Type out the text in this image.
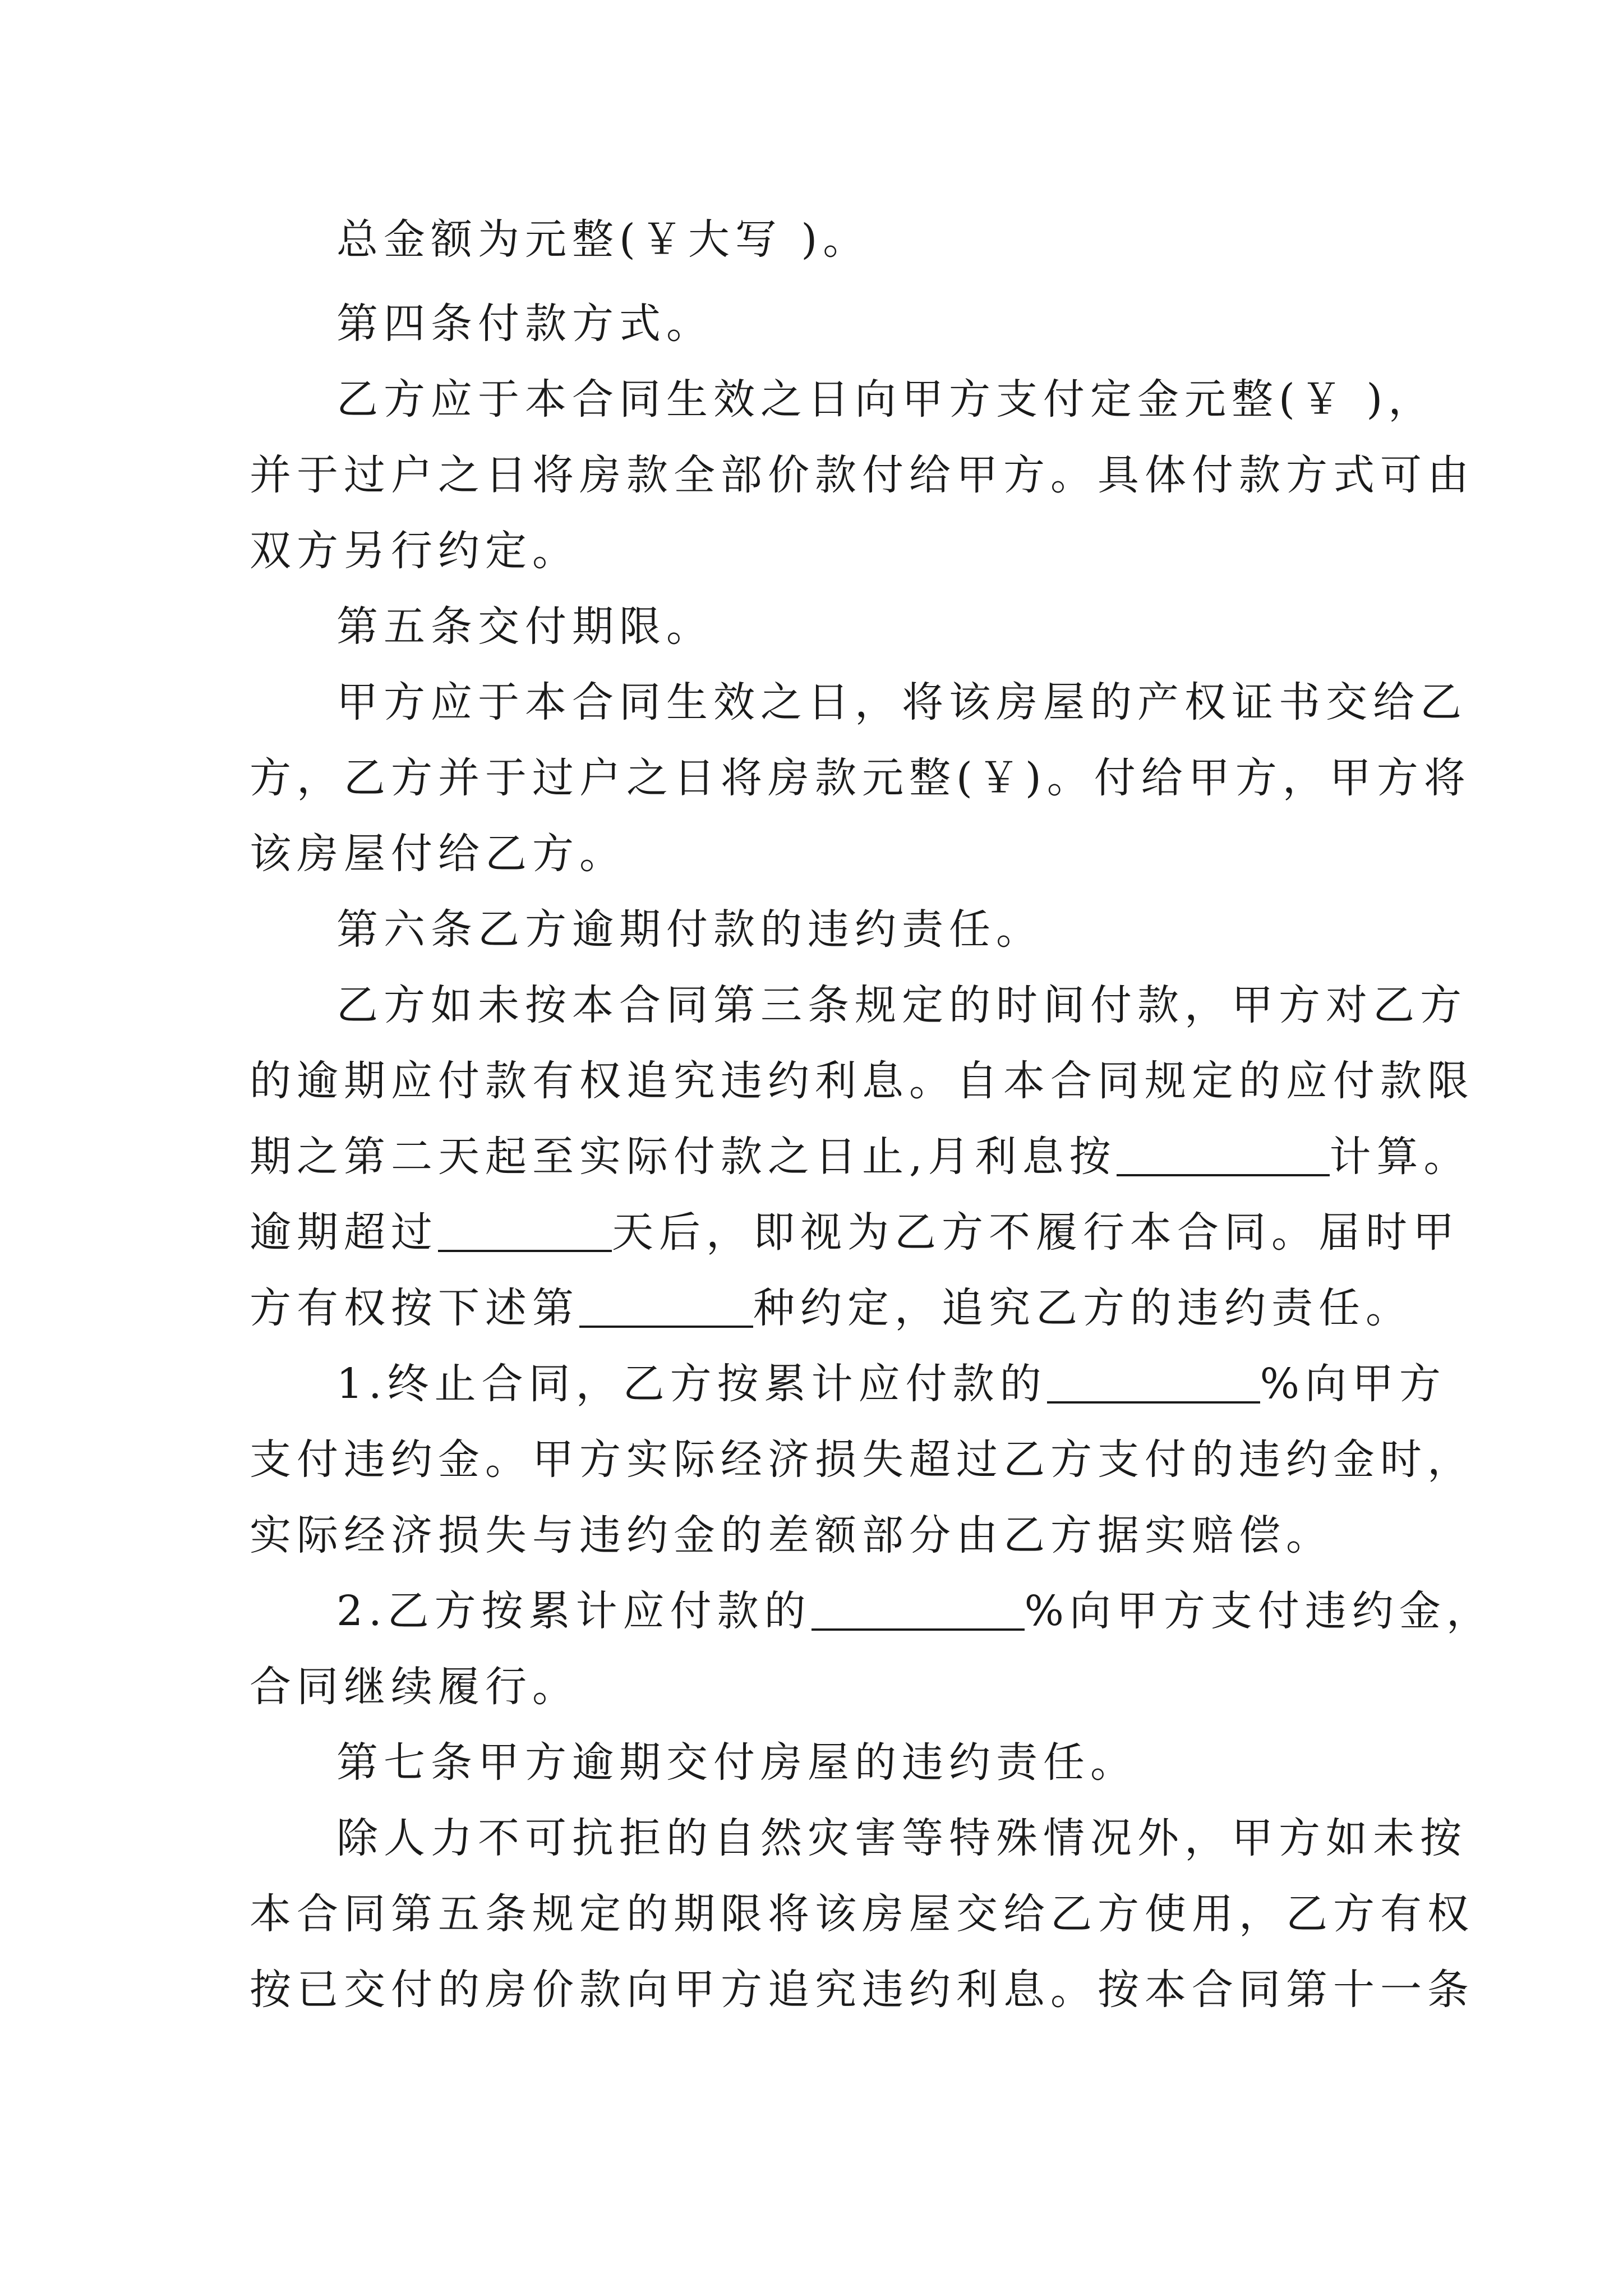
总金额为元整(￥大写 )。
第四条付款方式。
乙方应于本合同生效之日向甲方支付定金元整(￥ )，
并于过户之日将房款全部价款付给甲方。具体付款方式可由
双方另行约定。
第五条交付期限。
甲方应于本合同生效之日，将该房屋的产权证书交给乙
方，乙方并于过户之日将房款元整(￥)。付给甲方，甲方将
该房屋付给乙方。
第六条乙方逾期付款的违约责任。
乙方如未按本合同第三条规定的时间付款，甲方对乙方
的逾期应付款有权追究违约利息。自本合同规定的应付款限
期之第二天起至实际付款之日止,月利息按	计算。
逾期超过	天后，即视为乙方不履行本合同。届时甲
方有权按下述第	种约定，追究乙方的违约责任。
1.终止合同，乙方按累计应付款的	%向甲方
支付违约金。甲方实际经济损失超过乙方支付的违约金时，
实际经济损失与违约金的差额部分由乙方据实赔偿。
2.乙方按累计应付款的	%向甲方支付违约金，
合同继续履行。
第七条甲方逾期交付房屋的违约责任。
除人力不可抗拒的自然灾害等特殊情况外，甲方如未按
本合同第五条规定的期限将该房屋交给乙方使用，乙方有权
按已交付的房价款向甲方追究违约利息。按本合同第十一条
